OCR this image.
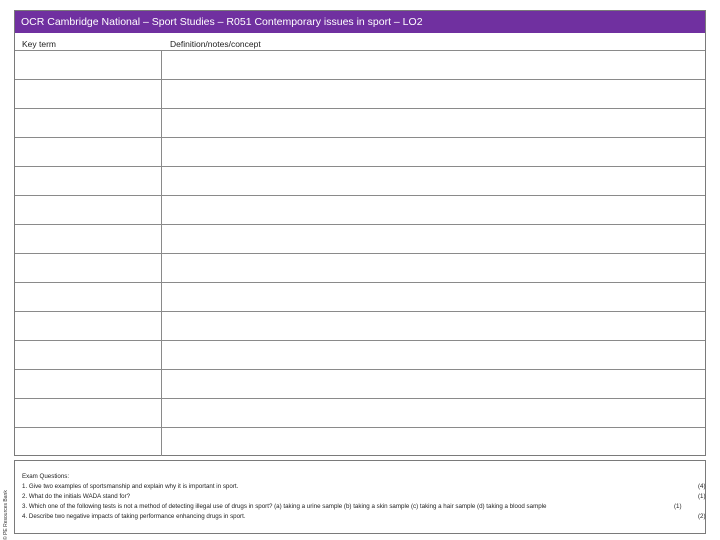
© PE Resources Bank
OCR Cambridge National – Sport Studies – R051 Contemporary issues in sport – LO2
Key term	Definition/notes/concept
Exam Questions:
1. Give two examples of sportsmanship and explain why it is important in sport.	(4)
2. What do the initials WADA stand for?	(1)
3. Which one of the following tests is not a method of detecting illegal use of drugs in sport? (a) taking a urine sample (b) taking a skin sample (c) taking a hair sample (d) taking a blood sample	(1)
4. Describe two negative impacts of taking performance enhancing drugs in sport.	(2)
